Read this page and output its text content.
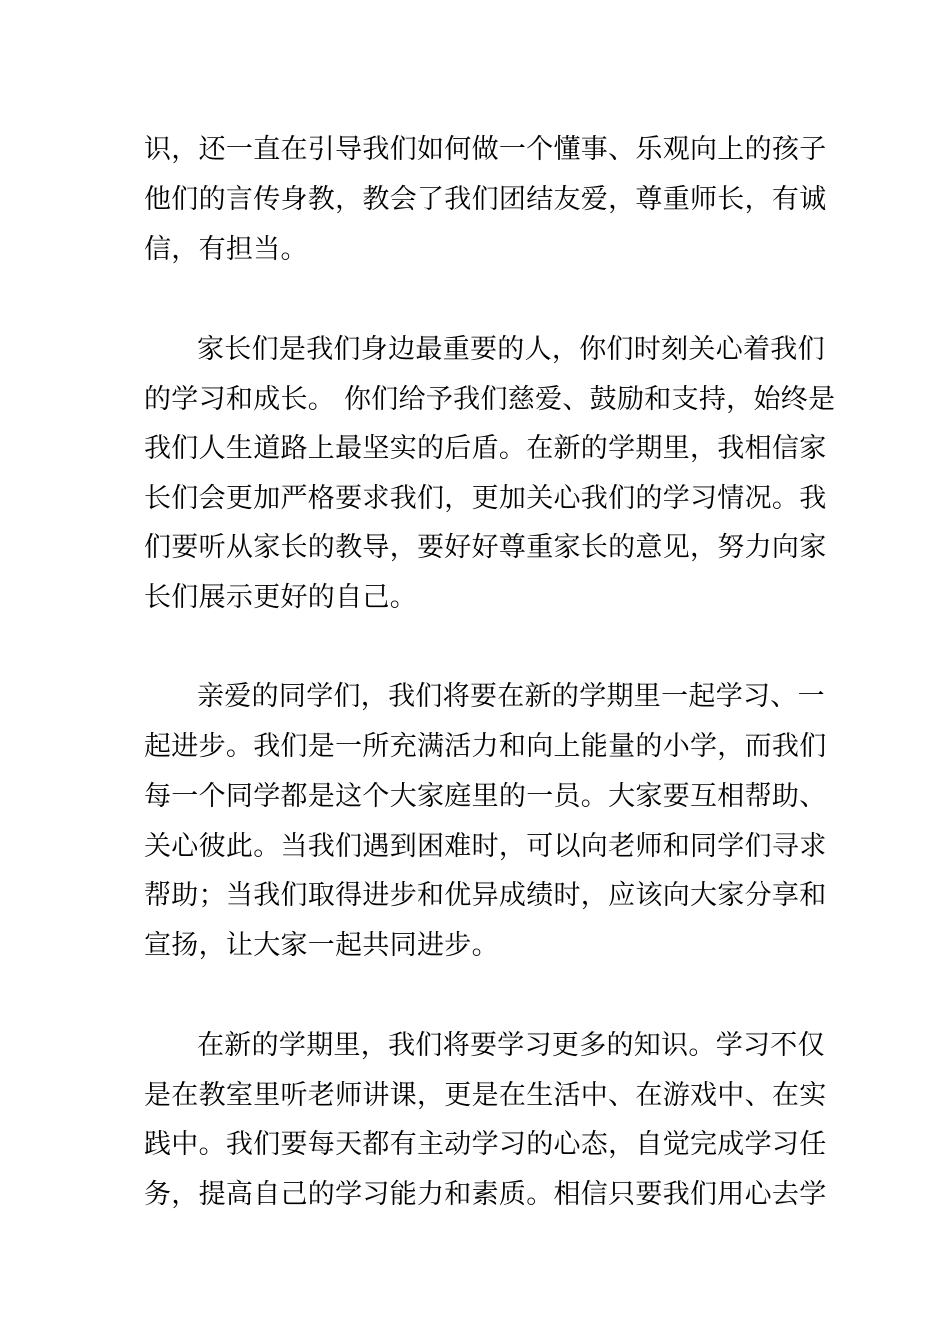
识，还一直在引导我们如何做一个懂事、乐观向上的孩子
他们的言传身教，教会了我们团结友爱，尊重师长，有诚
信，有担当。
家长们是我们身边最重要的人，你们时刻关心着我们
的学习和成长。 你们给予我们慈爱、鼓励和支持，始终是
我们人生道路上最坚实的后盾。在新的学期里，我相信家
长们会更加严格要求我们，更加关心我们的学习情况。我
们要听从家长的教导，要好好尊重家长的意见，努力向家
长们展示更好的自己。
亲爱的同学们，我们将要在新的学期里一起学习、一
起进步。我们是一所充满活力和向上能量的小学，而我们
每一个同学都是这个大家庭里的一员。大家要互相帮助、
关心彼此。当我们遇到困难时，可以向老师和同学们寻求
帮助；当我们取得进步和优异成绩时，应该向大家分享和
宣扬，让大家一起共同进步。
在新的学期里，我们将要学习更多的知识。学习不仅
是在教室里听老师讲课，更是在生活中、在游戏中、在实
践中。我们要每天都有主动学习的心态，自觉完成学习任
务，提高自己的学习能力和素质。相信只要我们用心去学
